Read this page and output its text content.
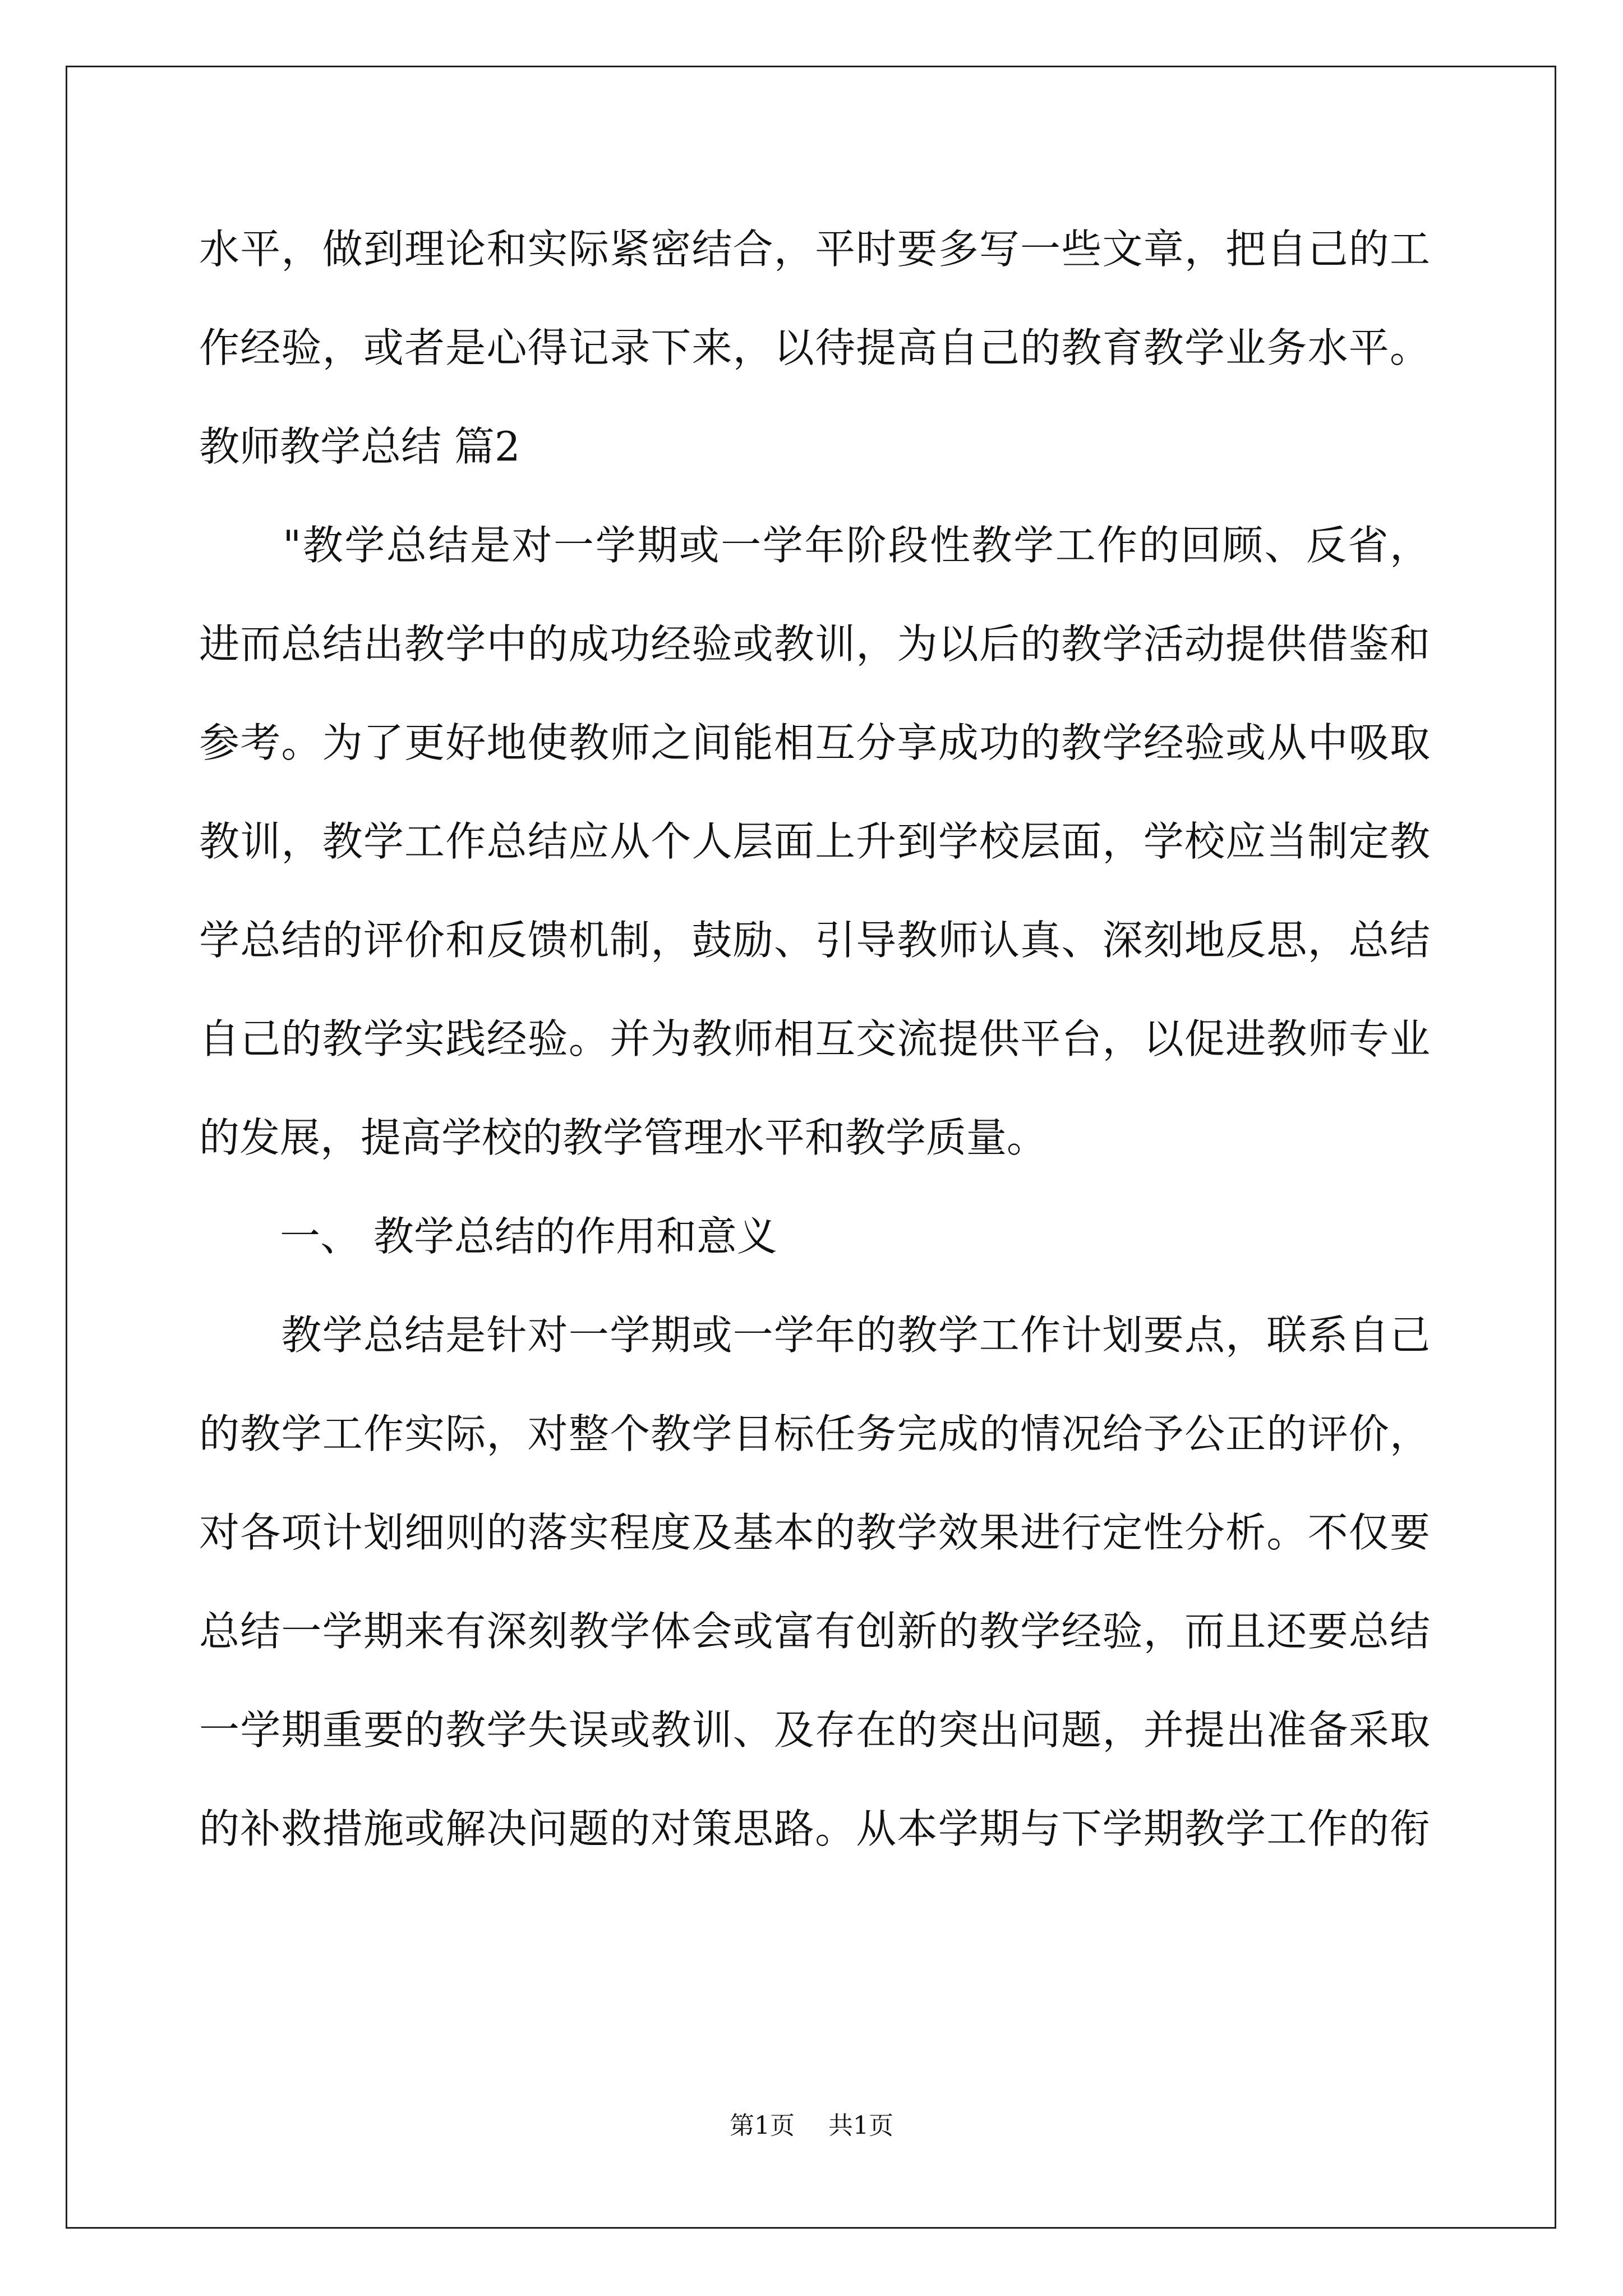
水平，做到理论和实际紧密结合，平时要多写一些文章，把自己的工
作经验，或者是心得记录下来，以待提高自己的教育教学业务水平。
教师教学总结 篇2
　　"教学总结是对一学期或一学年阶段性教学工作的回顾、反省，
进而总结出教学中的成功经验或教训，为以后的教学活动提供借鉴和
参考。为了更好地使教师之间能相互分享成功的教学经验或从中吸取
教训，教学工作总结应从个人层面上升到学校层面，学校应当制定教
学总结的评价和反馈机制，鼓励、引导教师认真、深刻地反思，总结
自己的教学实践经验。并为教师相互交流提供平台，以促进教师专业
的发展，提高学校的教学管理水平和教学质量。
　　一、 教学总结的作用和意义
　　教学总结是针对一学期或一学年的教学工作计划要点，联系自己
的教学工作实际，对整个教学目标任务完成的情况给予公正的评价，
对各项计划细则的落实程度及基本的教学效果进行定性分析。不仅要
总结一学期来有深刻教学体会或富有创新的教学经验，而且还要总结
一学期重要的教学失误或教训、及存在的突出问题，并提出准备采取
的补救措施或解决问题的对策思路。从本学期与下学期教学工作的衔
第1页 共1页
